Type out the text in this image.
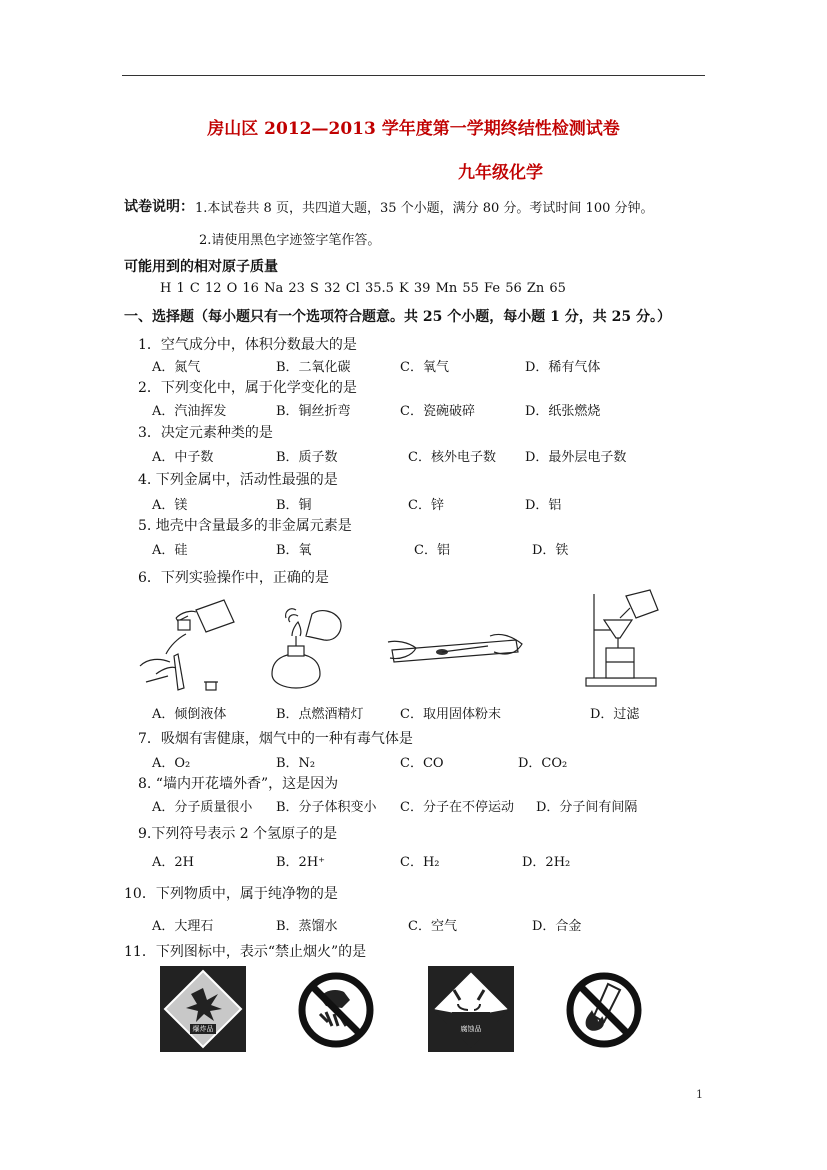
房山区 2012—2013 学年度第一学期终结性检测试卷
九年级化学
试卷说明： 1.本试卷共 8 页，共四道大题，35 个小题，满分 80 分。考试时间 100 分钟。
2.请使用黑色字迹签字笔作答。
可能用到的相对原子质量
H 1 C 12 O 16 Na 23 S 32 Cl 35.5 K 39 Mn 55 Fe 56 Zn 65
一、选择题（每小题只有一个选项符合题意。共 25 个小题，每小题 1 分，共 25 分。）
1．空气成分中，体积分数最大的是
A．氮气	B．二氧化碳	C．氧气	D．稀有气体
2．下列变化中，属于化学变化的是
A．汽油挥发	B．铜丝折弯	C．瓷碗破碎	D．纸张燃烧
3．决定元素种类的是
A．中子数	B．质子数	C．核外电子数 D．最外层电子数
4. 下列金属中，活动性最强的是
A．镁	B．铜	C．锌	D．铝
5. 地壳中含量最多的非金属元素是
A．硅	B．氧	C．铝	D．铁
6．下列实验操作中，正确的是
A．倾倒液体	B．点燃酒精灯	C．取用固体粉末	D．过滤
7．吸烟有害健康，烟气中的一种有毒气体是
A．O₂	B．N₂	C．CO	D．CO₂
8. “墙内开花墙外香”，这是因为
A．分子质量很小 B．分子体积变小 C．分子在不停运动 D．分子间有间隔
9.下列符号表示 2 个氢原子的是
A．2H	B．2H⁺	C．H₂	D．2H₂
10．下列物质中，属于纯净物的是
A．大理石	B．蒸馏水	C．空气	D．合金
11．下列图标中，表示“禁止烟火”的是
爆炸品	腐蚀品
1
